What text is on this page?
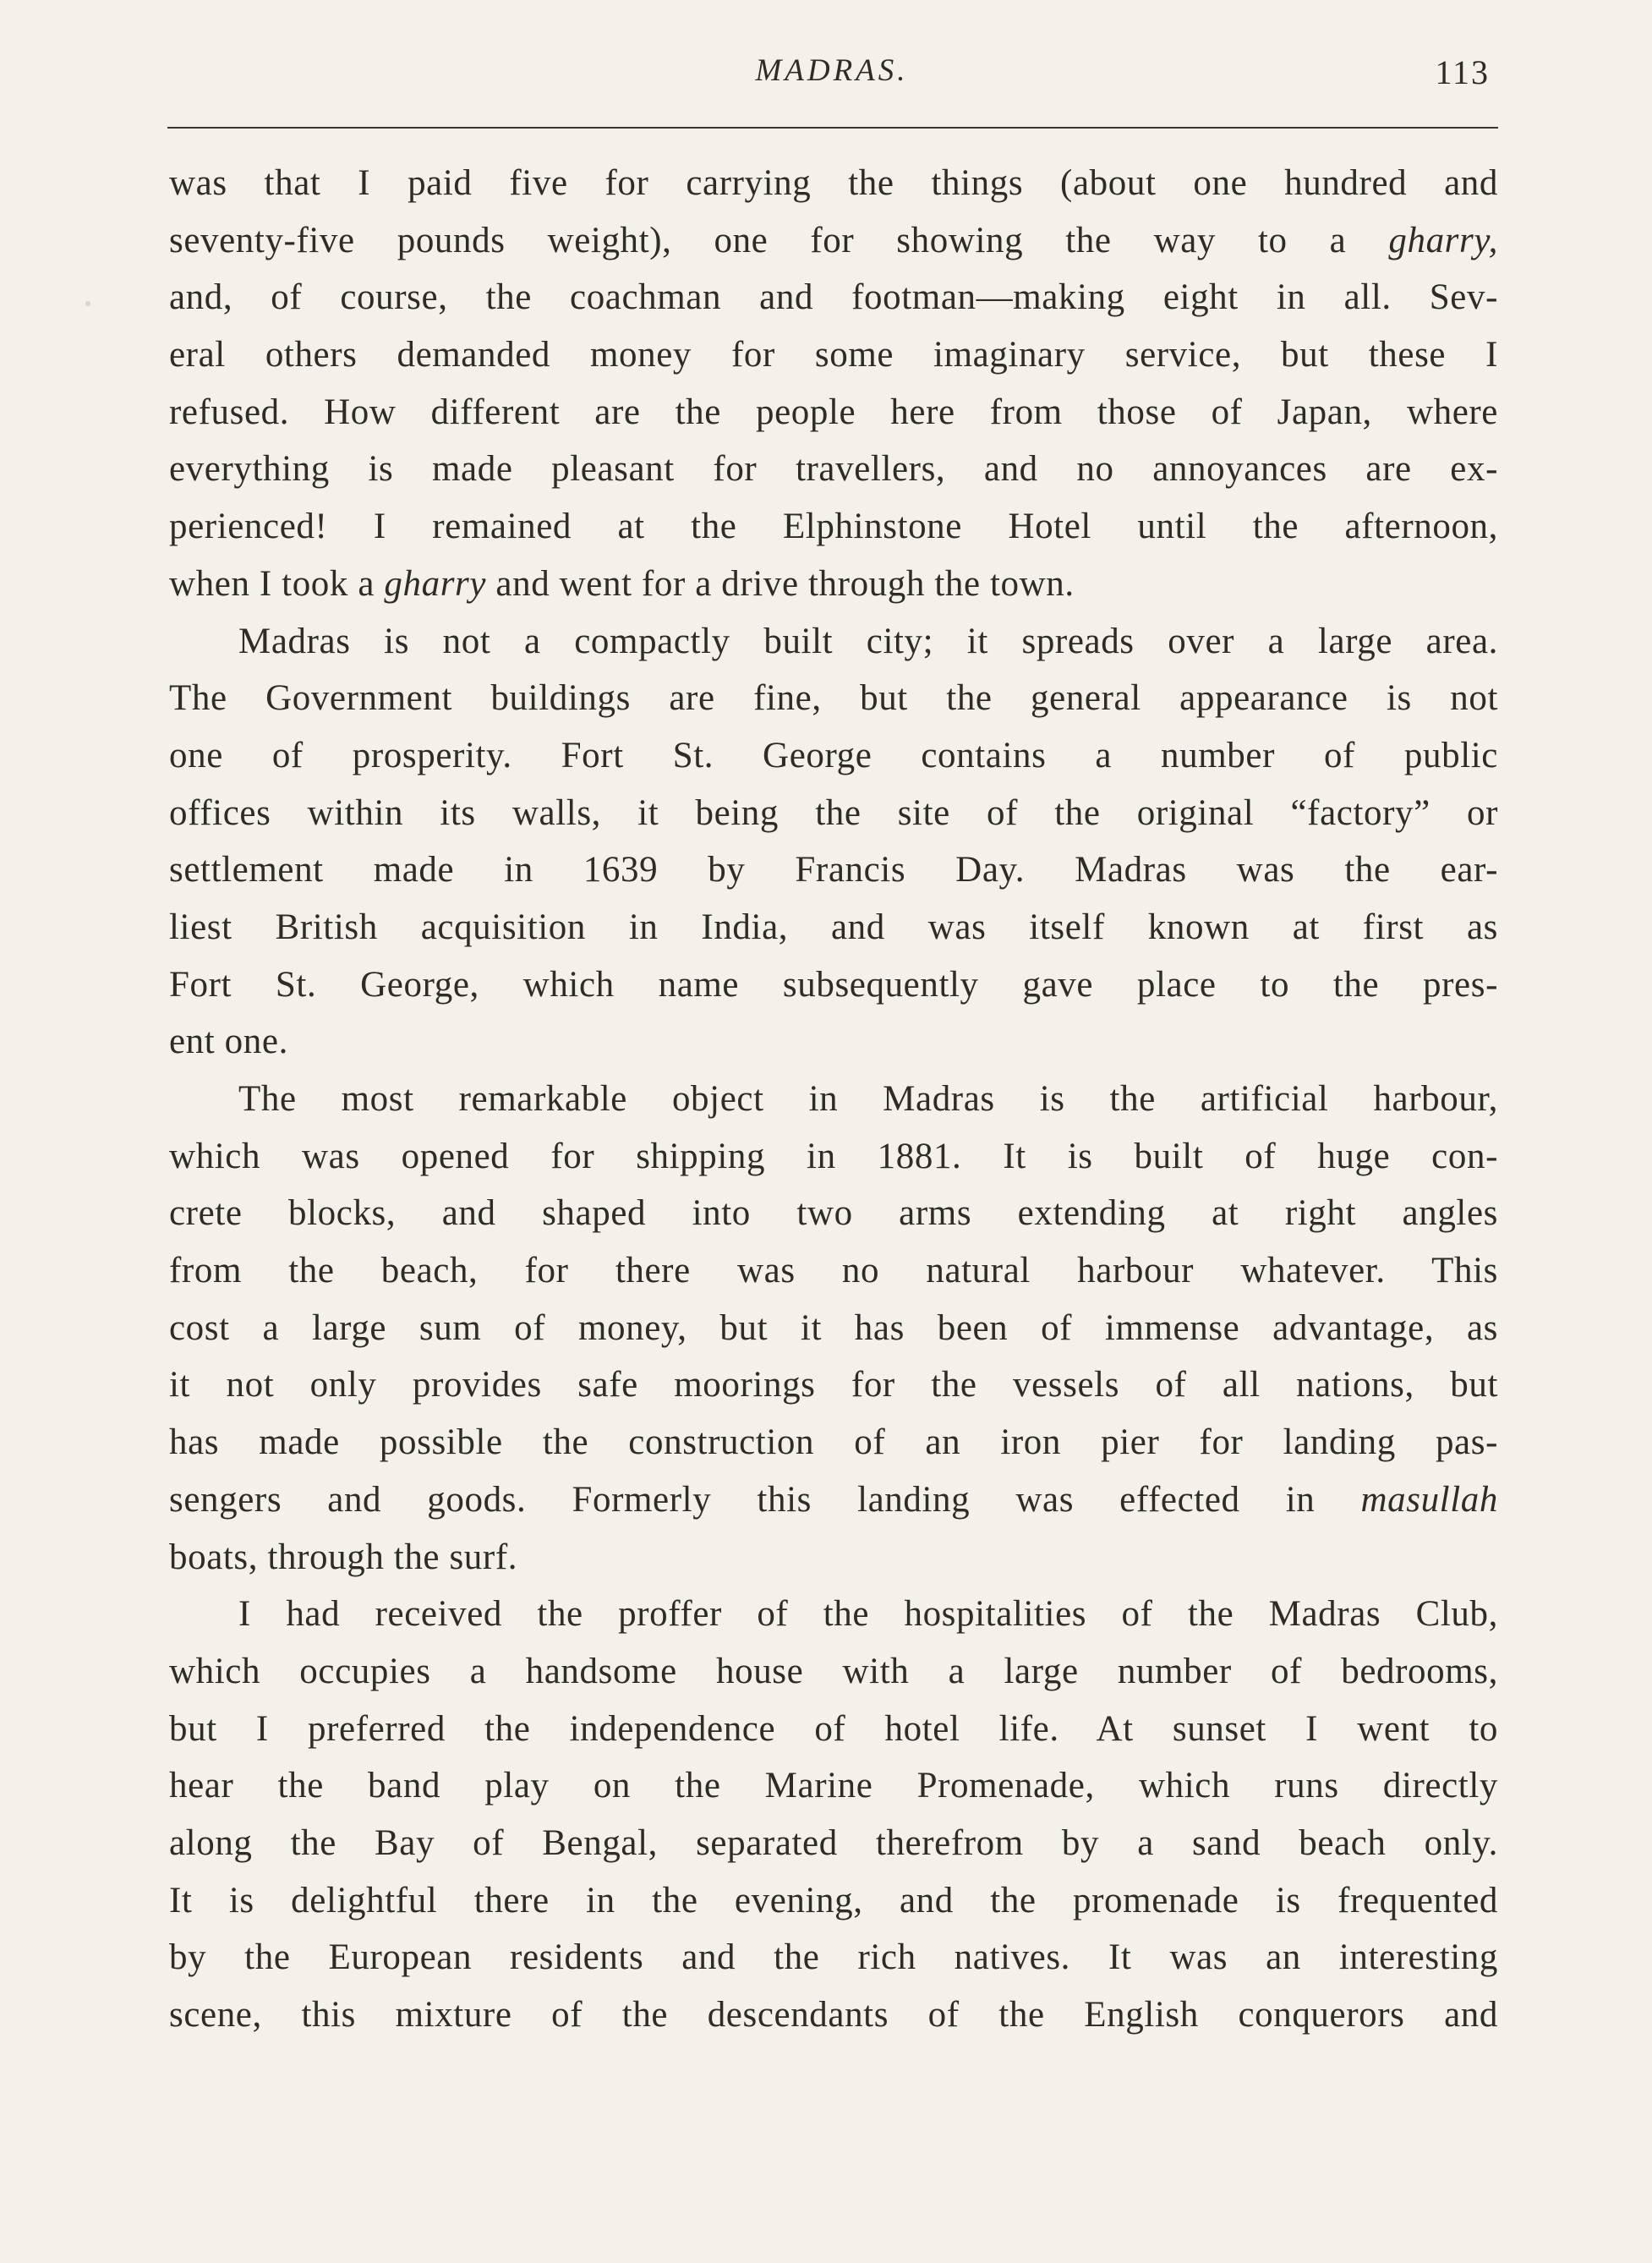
MADRAS.	113
was that I paid five for carrying the things (about one hundred and
seventy-five pounds weight), one for showing the way to a gharry,
and, of course, the coachman and footman—making eight in all. Sev-
eral others demanded money for some imaginary service, but these I
refused. How different are the people here from those of Japan, where
everything is made pleasant for travellers, and no annoyances are ex-
perienced! I remained at the Elphinstone Hotel until the afternoon,
when I took a gharry and went for a drive through the town.
Madras is not a compactly built city; it spreads over a large area.
The Government buildings are fine, but the general appearance is not
one of prosperity. Fort St. George contains a number of public
offices within its walls, it being the site of the original “factory” or
settlement made in 1639 by Francis Day. Madras was the ear-
liest British acquisition in India, and was itself known at first as
Fort St. George, which name subsequently gave place to the pres-
ent one.
The most remarkable object in Madras is the artificial harbour,
which was opened for shipping in 1881. It is built of huge con-
crete blocks, and shaped into two arms extending at right angles
from the beach, for there was no natural harbour whatever. This
cost a large sum of money, but it has been of immense advantage, as
it not only provides safe moorings for the vessels of all nations, but
has made possible the construction of an iron pier for landing pas-
sengers and goods. Formerly this landing was effected in masullah
boats, through the surf.
I had received the proffer of the hospitalities of the Madras Club,
which occupies a handsome house with a large number of bedrooms,
but I preferred the independence of hotel life. At sunset I went to
hear the band play on the Marine Promenade, which runs directly
along the Bay of Bengal, separated therefrom by a sand beach only.
It is delightful there in the evening, and the promenade is frequented
by the European residents and the rich natives. It was an interesting
scene, this mixture of the descendants of the English conquerors and
